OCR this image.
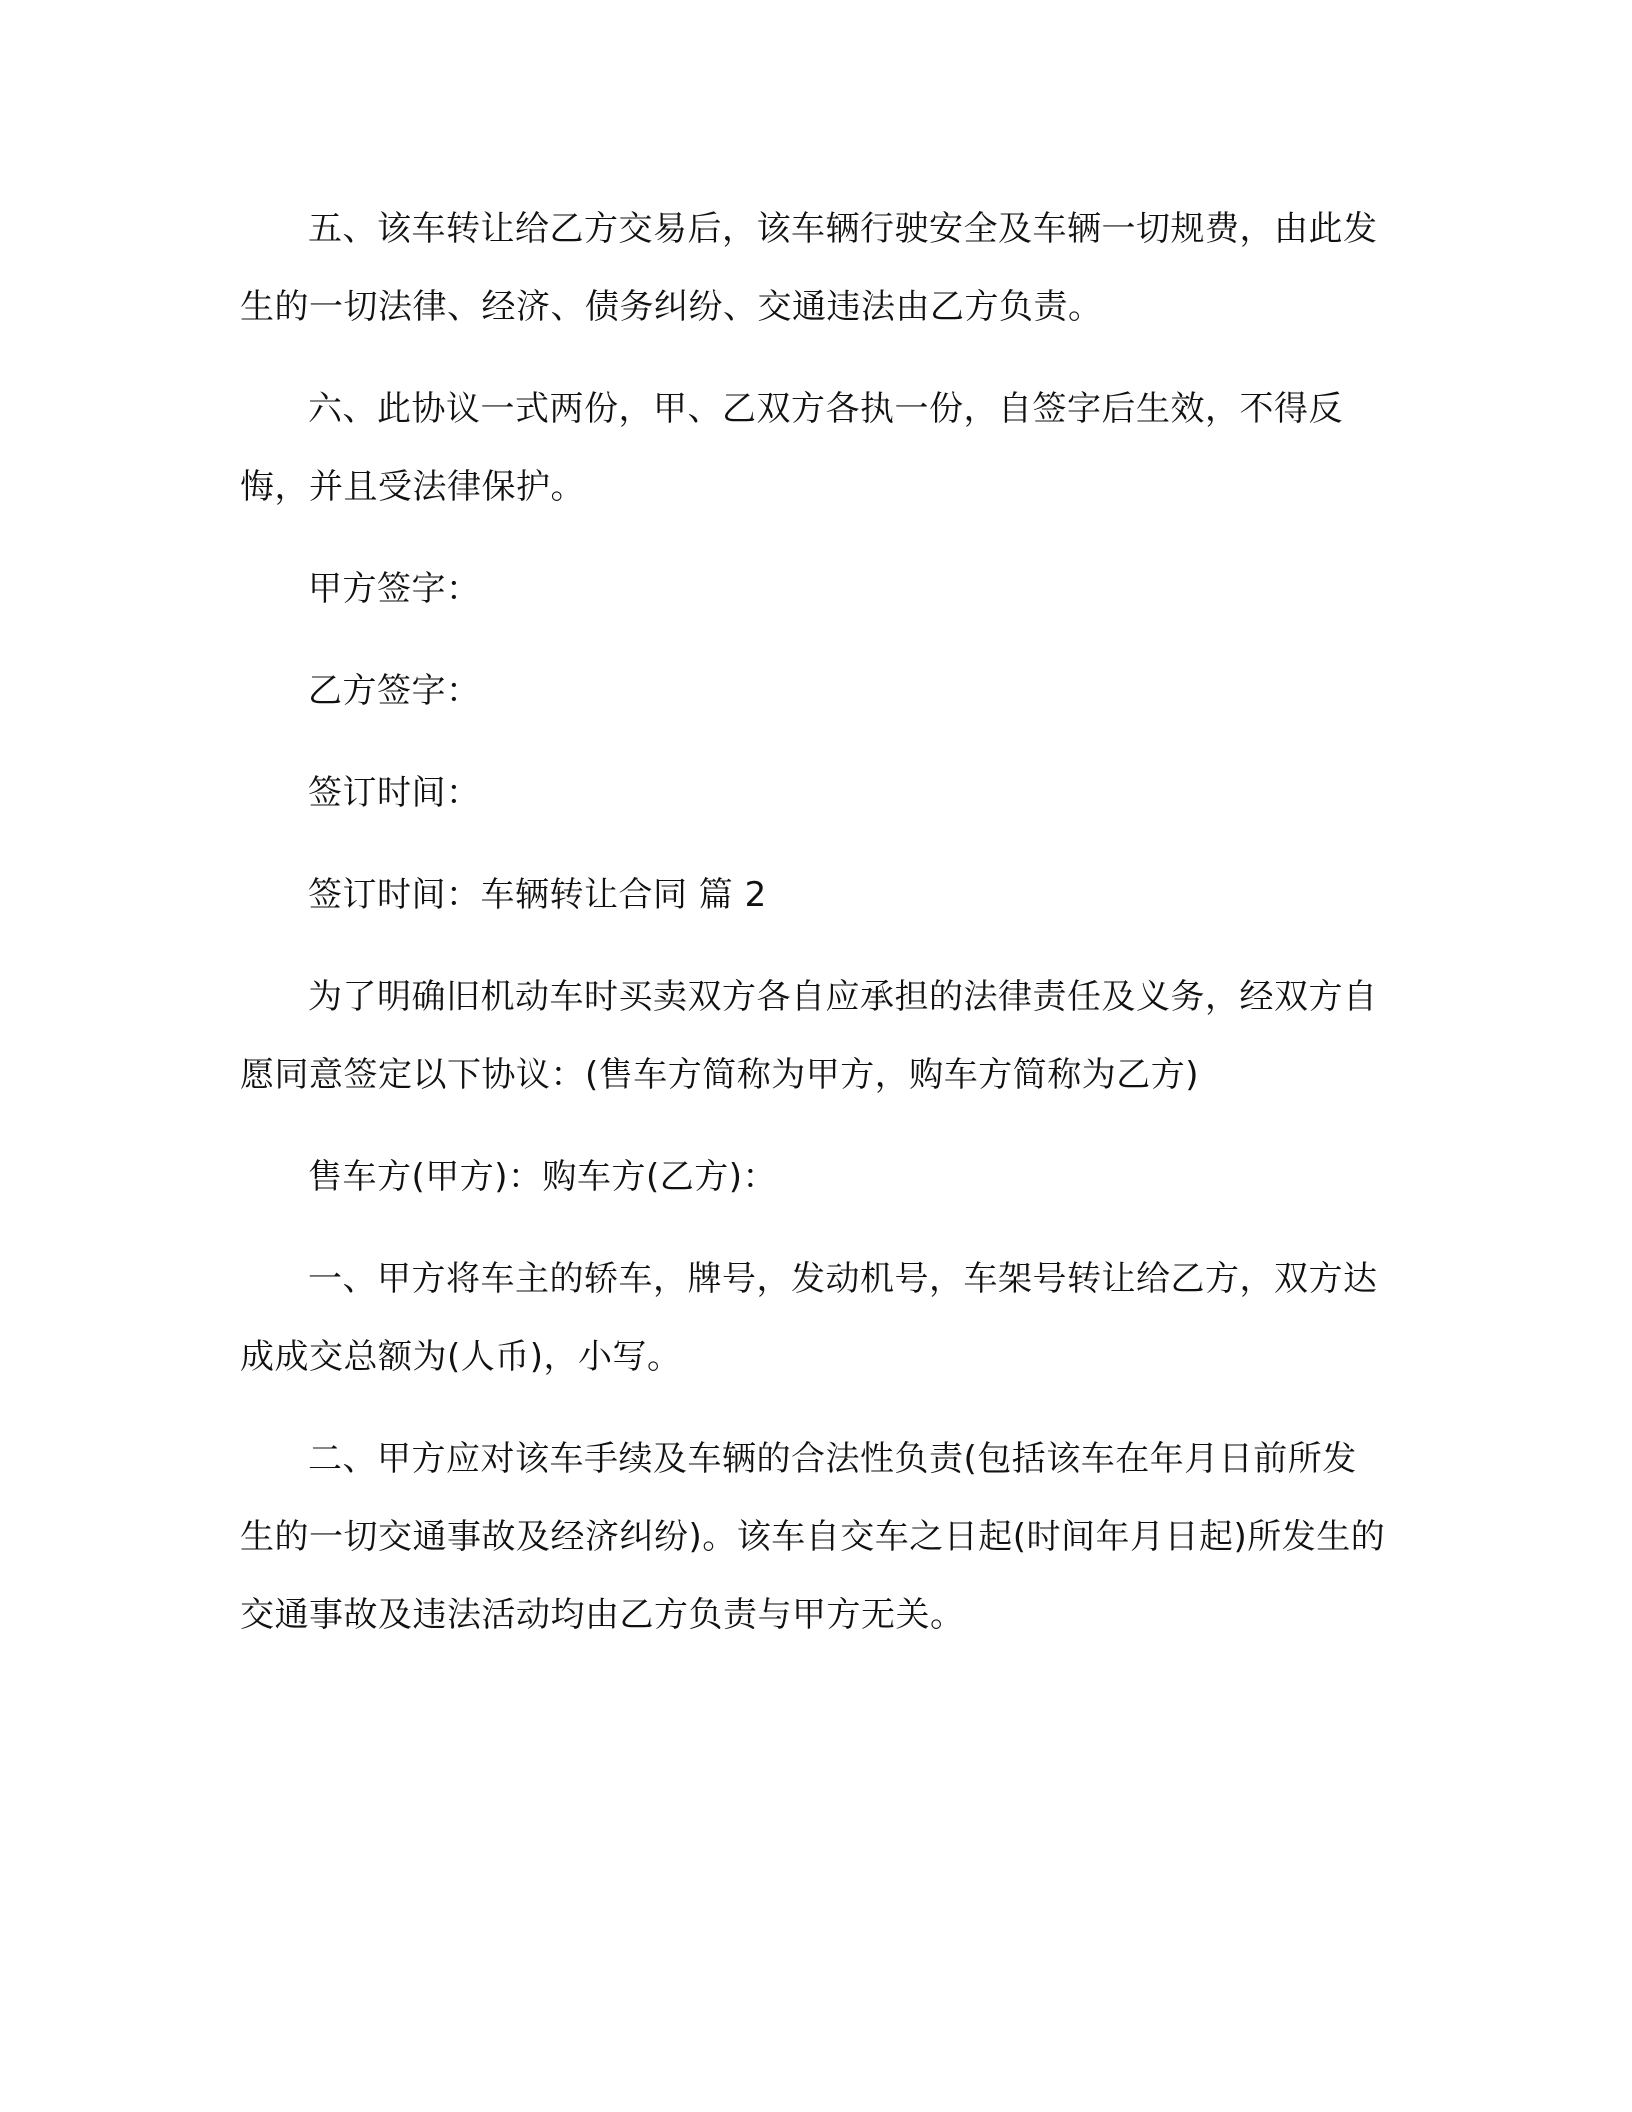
五、该车转让给乙方交易后，该车辆行驶安全及车辆一切规费，由此发生的一切法律、经济、债务纠纷、交通违法由乙方负责。

六、此协议一式两份，甲、乙双方各执一份，自签字后生效，不得反悔，并且受法律保护。

甲方签字：

乙方签字：

签订时间：

签订时间：车辆转让合同 篇 2

为了明确旧机动车时买卖双方各自应承担的法律责任及义务，经双方自愿同意签定以下协议：(售车方简称为甲方，购车方简称为乙方)

售车方(甲方)：购车方(乙方)：

一、甲方将车主的轿车，牌号，发动机号，车架号转让给乙方，双方达成成交总额为(人币)，小写。

二、甲方应对该车手续及车辆的合法性负责(包括该车在年月日前所发生的一切交通事故及经济纠纷)。该车自交车之日起(时间年月日起)所发生的交通事故及违法活动均由乙方负责与甲方无关。
